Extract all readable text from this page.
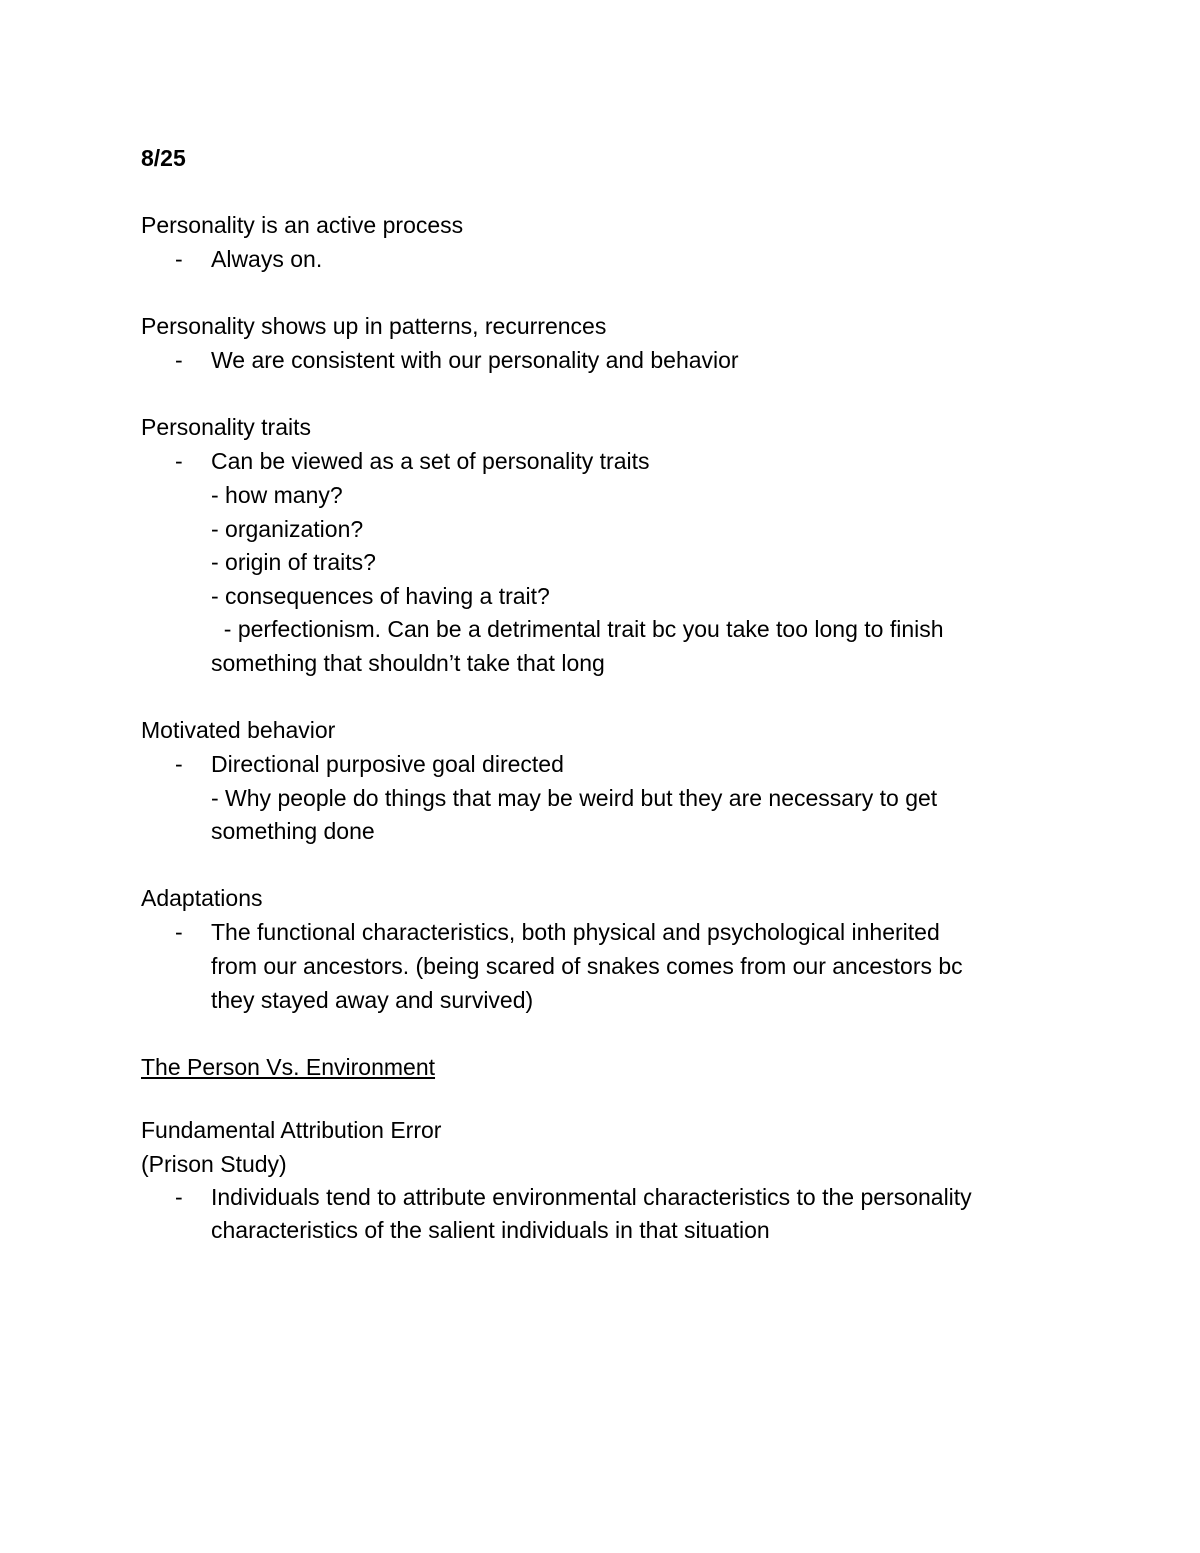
8/25
Personality is an active process
- Always on.
Personality shows up in patterns, recurrences
- We are consistent with our personality and behavior
Personality traits
- Can be viewed as a set of personality traits
- how many?
- organization?
- origin of traits?
- consequences of having a trait?
- perfectionism. Can be a detrimental trait bc you take too long to finish
something that shouldn’t take that long
Motivated behavior
- Directional purposive goal directed
- Why people do things that may be weird but they are necessary to get
something done
Adaptations
- The functional characteristics, both physical and psychological inherited
from our ancestors. (being scared of snakes comes from our ancestors bc
they stayed away and survived)
The Person Vs. Environment
Fundamental Attribution Error
(Prison Study)
- Individuals tend to attribute environmental characteristics to the personality
characteristics of the salient individuals in that situation
